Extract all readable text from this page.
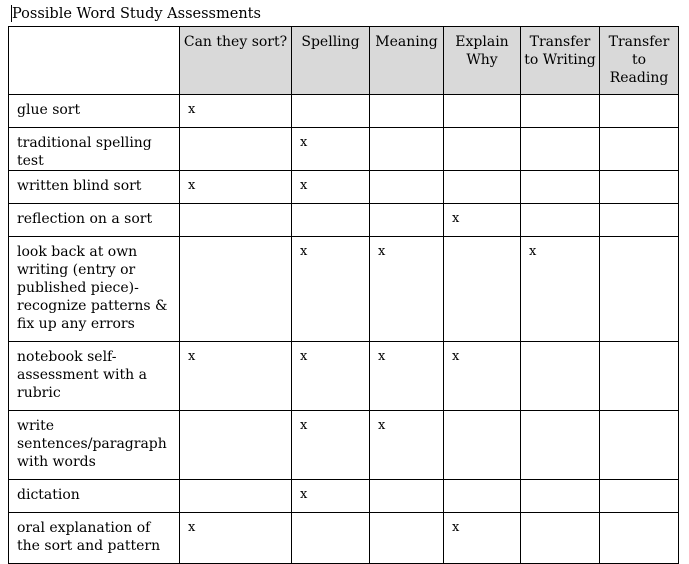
Possible Word Study Assessments
	Can they sort?	Spelling	Meaning	Explain Why	Transfer to Writing	Transfer to Reading
glue sort	x					
traditional spelling test		x				
written blind sort	x	x				
reflection on a sort				x		
look back at own writing (entry or published piece)- recognize patterns & fix up any errors		x	x		x	
notebook self-assessment with a rubric	x	x	x	x		
write sentences/paragraph with words		x	x			
dictation		x				
oral explanation of the sort and pattern	x			x		
